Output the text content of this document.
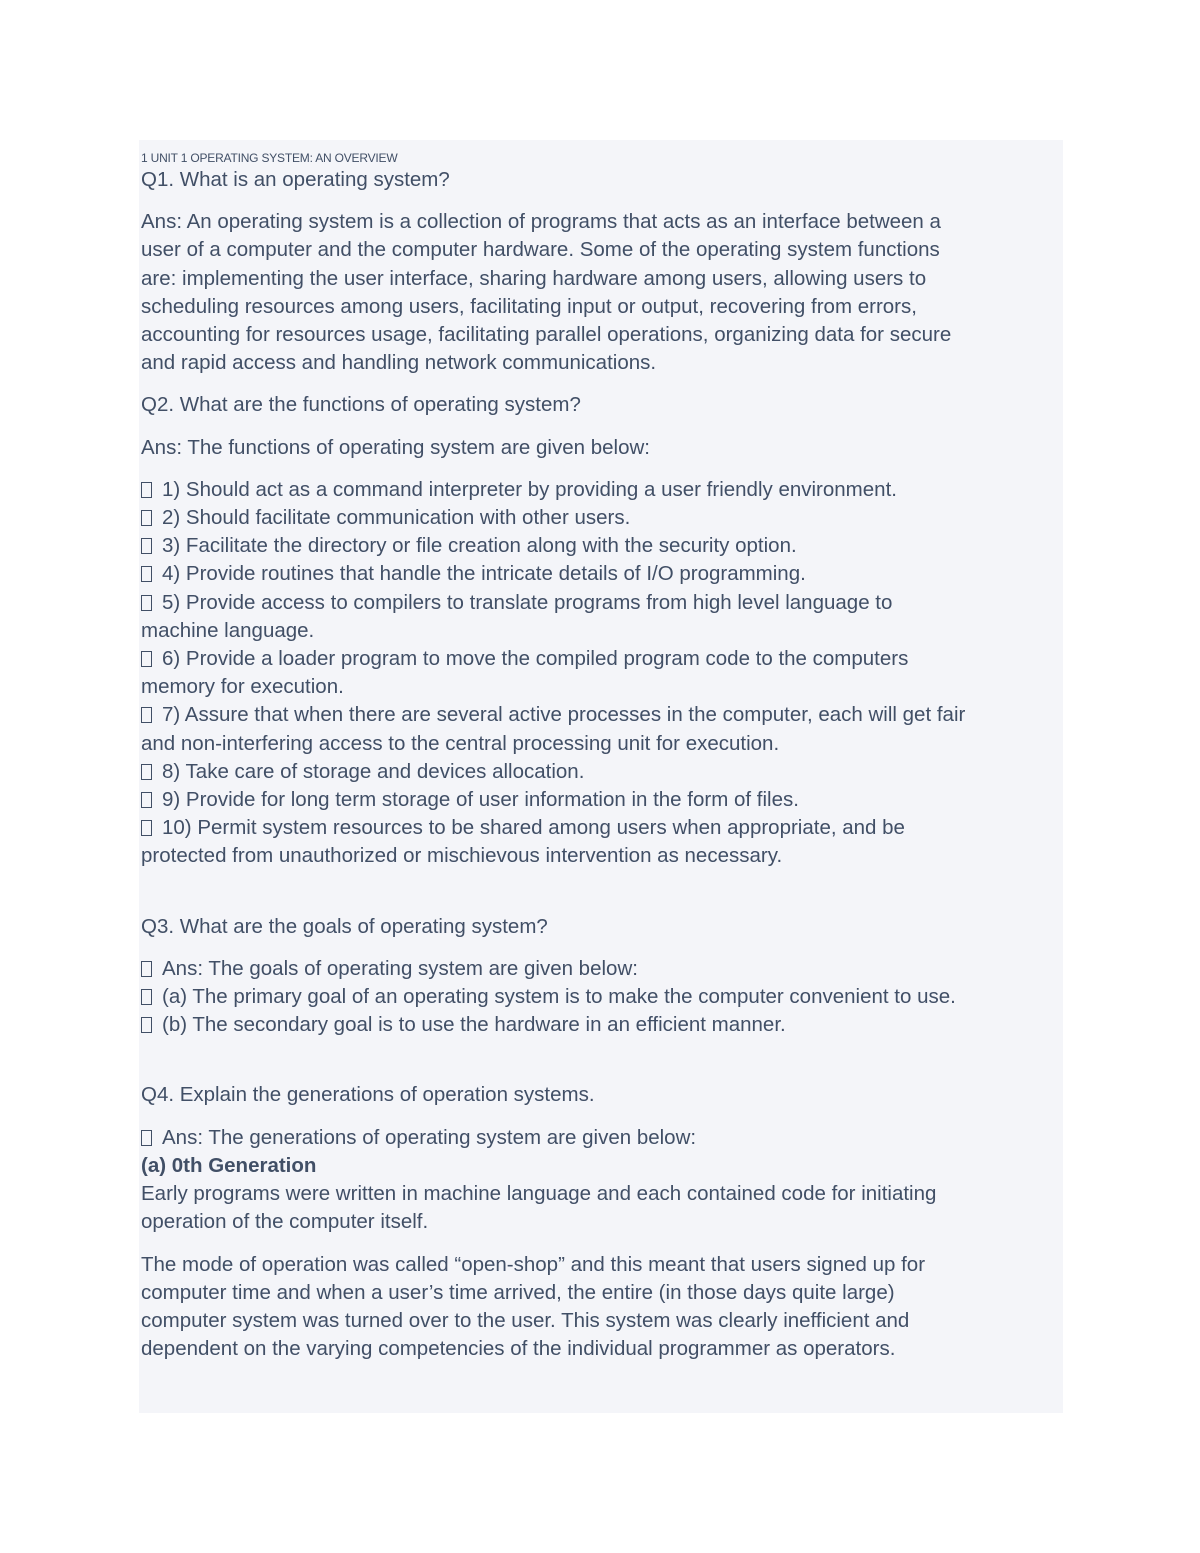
1 UNIT 1 OPERATING SYSTEM: AN OVERVIEW

Q1. What is an operating system?

Ans: An operating system is a collection of programs that acts as an interface between a

user of a computer and the computer hardware. Some of the operating system functions

are: implementing the user interface, sharing hardware among users, allowing users to

scheduling resources among users, facilitating input or output, recovering from errors,

accounting for resources usage, facilitating parallel operations, organizing data for secure

and rapid access and handling network communications.

Q2. What are the functions of operating system?

Ans: The functions of operating system are given below:

1) Should act as a command interpreter by providing a user friendly environment.

2) Should facilitate communication with other users.

3) Facilitate the directory or file creation along with the security option.

4) Provide routines that handle the intricate details of I/O programming.

5) Provide access to compilers to translate programs from high level language to

machine language.

6) Provide a loader program to move the compiled program code to the computers

memory for execution.

7) Assure that when there are several active processes in the computer, each will get fair

and non-interfering access to the central processing unit for execution.

8) Take care of storage and devices allocation.

9) Provide for long term storage of user information in the form of files.

10) Permit system resources to be shared among users when appropriate, and be

protected from unauthorized or mischievous intervention as necessary.

Q3. What are the goals of operating system?

Ans: The goals of operating system are given below:

(a) The primary goal of an operating system is to make the computer convenient to use.

(b) The secondary goal is to use the hardware in an efficient manner.

Q4. Explain the generations of operation systems.

Ans: The generations of operating system are given below:

(a) 0th Generation

Early programs were written in machine language and each contained code for initiating

operation of the computer itself.

The mode of operation was called “open-shop” and this meant that users signed up for

computer time and when a user’s time arrived, the entire (in those days quite large)

computer system was turned over to the user. This system was clearly inefficient and

dependent on the varying competencies of the individual programmer as operators.
